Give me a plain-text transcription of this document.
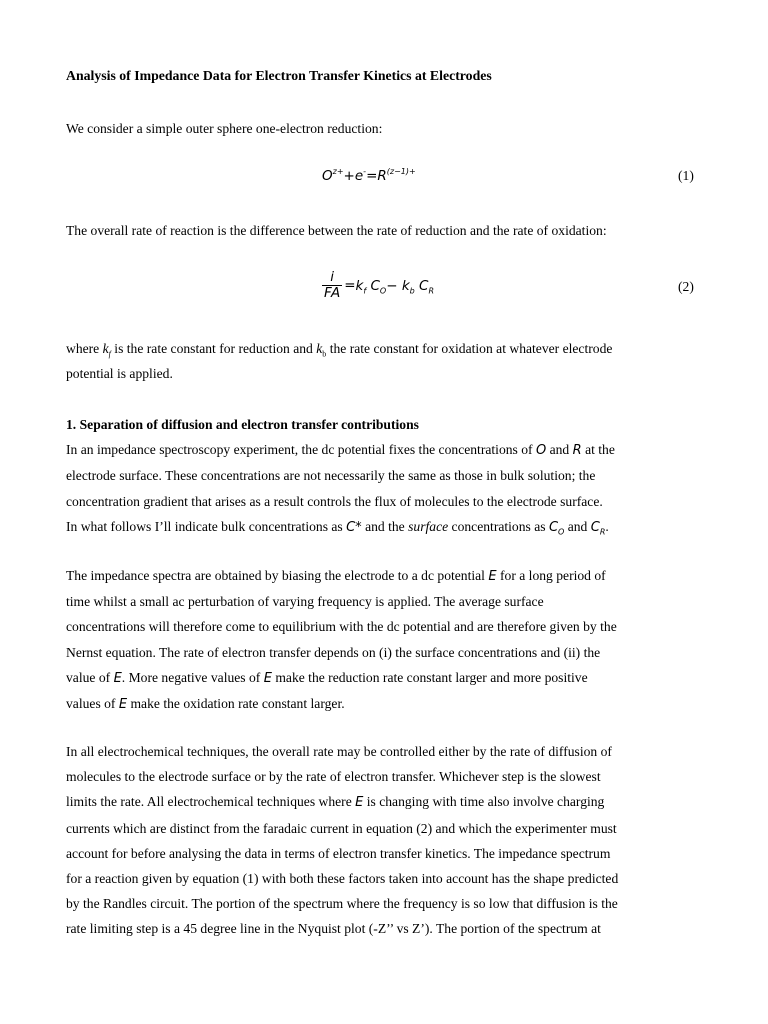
Analysis of Impedance Data for Electron Transfer Kinetics at Electrodes
We consider a simple outer sphere one-electron reduction:
$O^{z+}+e^-=R^{(z-1)+}$	(1)
The overall rate of reaction is the difference between the rate of reduction and the rate of oxidation:
$\frac{i}{FA} =k_f$ $C_O- k_b$ $C_R$	(2)
where $k_f$ is the rate constant for reduction and $k_b$ the rate constant for oxidation at whatever electrode
potential is applied.
1. Separation of diffusion and electron transfer contributions
In an impedance spectroscopy experiment, the dc potential fixes the concentrations of O and R at the
electrode surface. These concentrations are not necessarily the same as those in bulk solution; the
concentration gradient that arises as a result controls the flux of molecules to the electrode surface.
In what follows I’ll indicate bulk concentrations as C* and the surface concentrations as $C_O$ and $C_R$.
The impedance spectra are obtained by biasing the electrode to a dc potential E for a long period of
time whilst a small ac perturbation of varying frequency is applied. The average surface
concentrations will therefore come to equilibrium with the dc potential and are therefore given by the
Nernst equation. The rate of electron transfer depends on (i) the surface concentrations and (ii) the
value of E. More negative values of E make the reduction rate constant larger and more positive
values of E make the oxidation rate constant larger.
In all electrochemical techniques, the overall rate may be controlled either by the rate of diffusion of
molecules to the electrode surface or by the rate of electron transfer. Whichever step is the slowest
limits the rate. All electrochemical techniques where E is changing with time also involve charging
currents which are distinct from the faradaic current in equation (2) and which the experimenter must
account for before analysing the data in terms of electron transfer kinetics. The impedance spectrum
for a reaction given by equation (1) with both these factors taken into account has the shape predicted
by the Randles circuit. The portion of the spectrum where the frequency is so low that diffusion is the
rate limiting step is a 45 degree line in the Nyquist plot (-Z’’ vs Z’). The portion of the spectrum at
